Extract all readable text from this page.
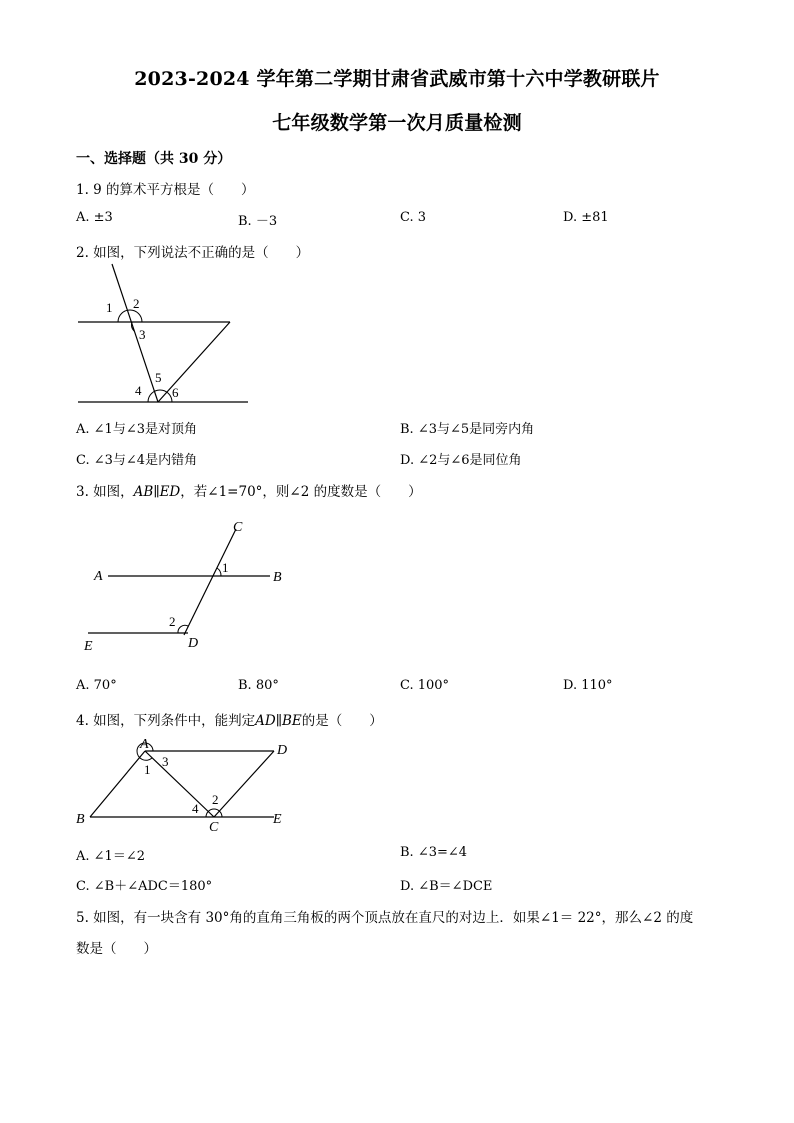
2023-2024 学年第二学期甘肃省武威市第十六中学教研联片
七年级数学第一次月质量检测
一、选择题（共 30 分）
1. 9 的算术平方根是（　　）
A. ±3	B. －3	C. 3	D. ±81
2. 如图，下列说法不正确的是（　　）
1 2
3
4
5
6
A. ∠1与∠3是对顶角	B. ∠3与∠5是同旁内角
C. ∠3与∠4是内错角	D. ∠2与∠6是同位角
3. 如图，AB∥ED，若∠1=70°，则∠2 的度数是（　　）
A	B
C
D
E
1
2
A. 70°	B. 80°	C. 100°	D. 110°
4. 如图，下列条件中，能判定AD∥BE的是（　　）
A	D
B
C
E
1
2
3
4
A. ∠1＝∠2	B. ∠3=∠4
C. ∠B＋∠ADC＝180°	D. ∠B＝∠DCE
5. 如图，有一块含有 30°角的直角三角板的两个顶点放在直尺的对边上．如果∠1＝ 22°，那么∠2 的度
数是（　　）
